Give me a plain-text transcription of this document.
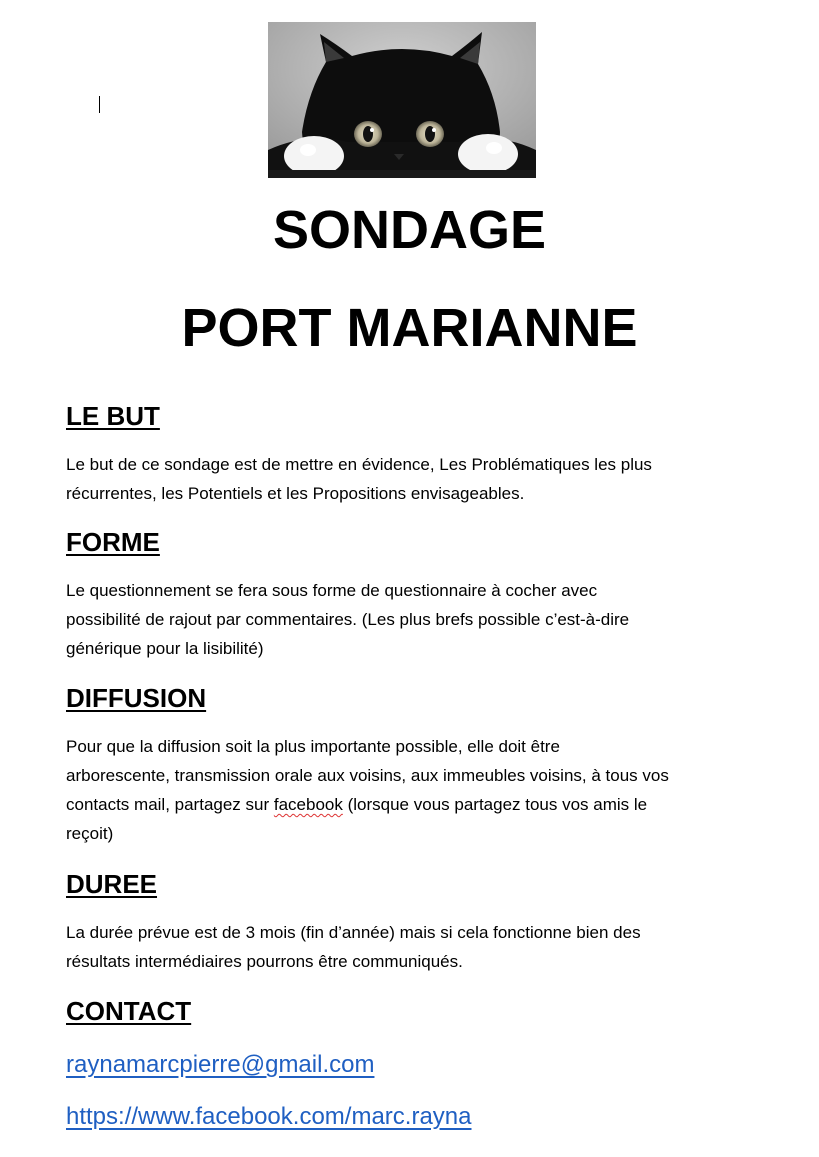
SONDAGE
PORT MARIANNE
LE BUT

Le but de ce sondage est de mettre en évidence, Les Problématiques les plus

récurrentes, les Potentiels et les Propositions envisageables.

FORME

Le questionnement se fera sous forme de questionnaire à cocher avec

possibilité de rajout par commentaires. (Les plus brefs possible c’est-à-dire

générique pour la lisibilité)

DIFFUSION

Pour que la diffusion soit la plus importante possible, elle doit être

arborescente, transmission orale aux voisins, aux immeubles voisins, à tous vos

contacts mail, partagez sur facebook (lorsque vous partagez tous vos amis le

reçoit)

DUREE

La durée prévue est de 3 mois (fin d’année) mais si cela fonctionne bien des

résultats intermédiaires pourrons être communiqués.

CONTACT
raynamarcpierre@gmail.com
https://www.facebook.com/marc.rayna
